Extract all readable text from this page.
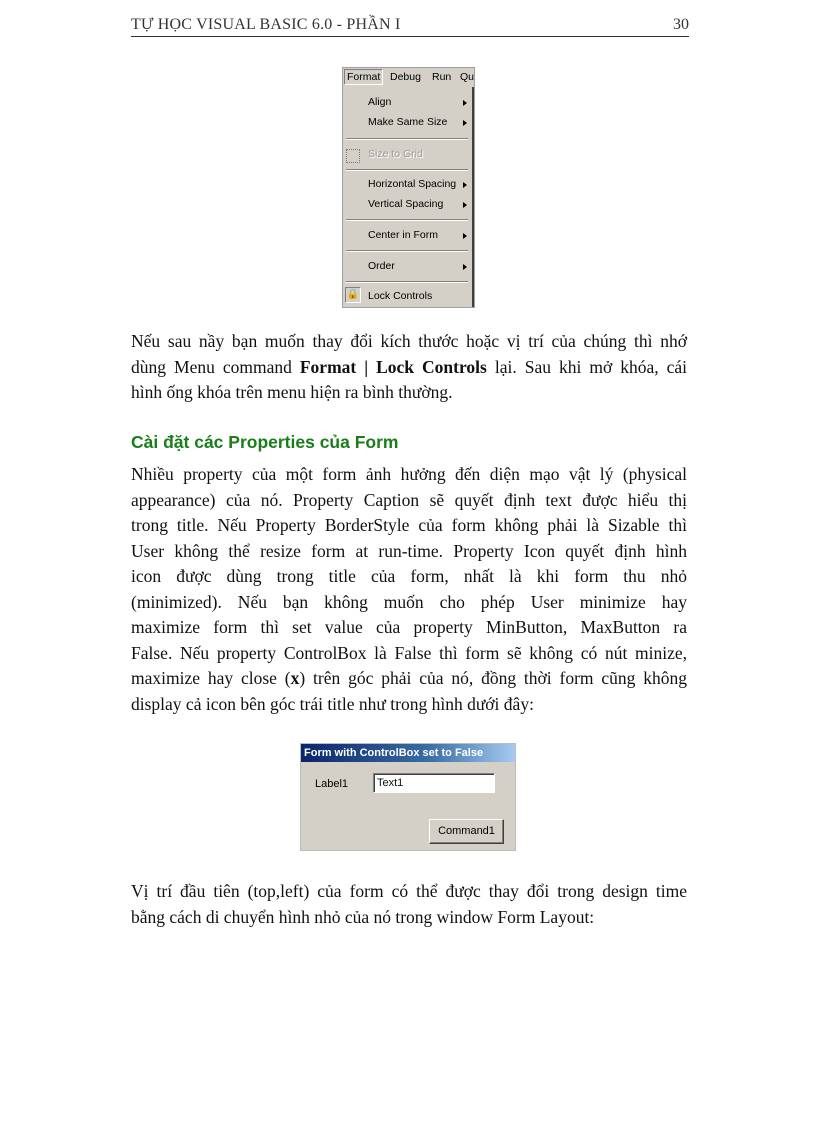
TỰ HỌC VISUAL BASIC 6.0 - PHẦN I	30
Format Debug Run Qu
Align
Make Same Size
Size to Grid
Horizontal Spacing
Vertical Spacing
Center in Form
Order
🔒 Lock Controls
Nếu sau nầy bạn muốn thay đổi kích thước hoặc vị trí của chúng thì nhớ
dùng Menu command Format | Lock Controls lại. Sau khi mở khóa, cái
hình ống khóa trên menu hiện ra bình thường.
Cài đặt các Properties của Form
Nhiều property của một form ảnh hưởng đến diện mạo vật lý (physical
appearance) của nó. Property Caption sẽ quyết định text được hiểu thị
trong title. Nếu Property BorderStyle của form không phải là Sizable thì
User không thể resize form at run-time. Property Icon quyết định hình
icon được dùng trong title của form, nhất là khi form thu nhỏ
(minimized). Nếu bạn không muốn cho phép User minimize hay
maximize form thì set value của property MinButton, MaxButton ra
False. Nếu property ControlBox là False thì form sẽ không có nút minize,
maximize hay close (x) trên góc phải của nó, đồng thời form cũng không
display cả icon bên góc trái title như trong hình dưới đây:
Form with ControlBox set to False
Label1	Text1
Command1
Vị trí đầu tiên (top,left) của form có thể được thay đổi trong design time
bằng cách di chuyển hình nhỏ của nó trong window Form Layout:
